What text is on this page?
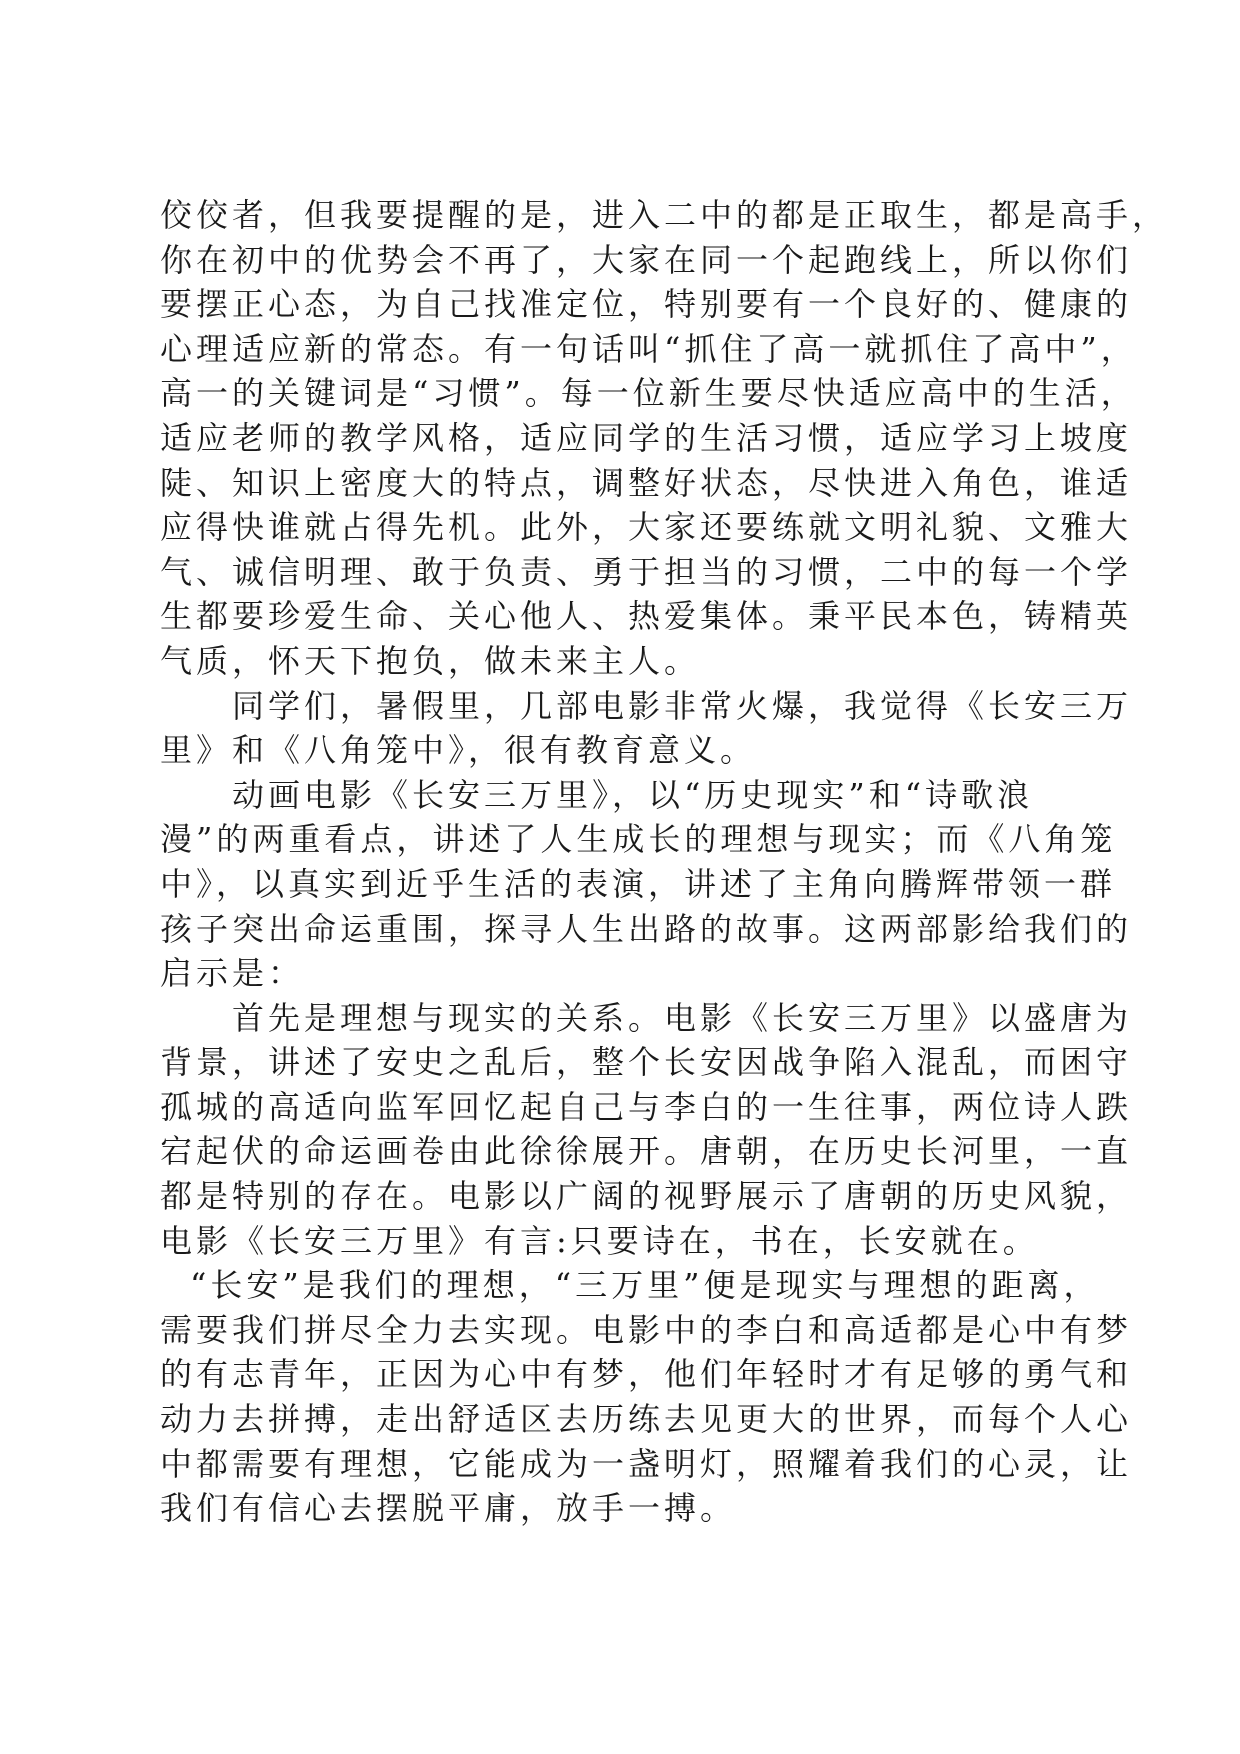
佼佼者，但我要提醒的是，进入二中的都是正取生，都是高手，
你在初中的优势会不再了，大家在同一个起跑线上，所以你们
要摆正心态，为自己找准定位，特别要有一个良好的、健康的
心理适应新的常态。有一句话叫“抓住了高一就抓住了高中”，
高一的关键词是“习惯”。每一位新生要尽快适应高中的生活，
适应老师的教学风格，适应同学的生活习惯，适应学习上坡度
陡、知识上密度大的特点，调整好状态，尽快进入角色，谁适
应得快谁就占得先机。此外，大家还要练就文明礼貌、文雅大
气、诚信明理、敢于负责、勇于担当的习惯，二中的每一个学
生都要珍爱生命、关心他人、热爱集体。秉平民本色，铸精英
气质，怀天下抱负，做未来主人。
同学们，暑假里，几部电影非常火爆，我觉得《长安三万
里》和《八角笼中》，很有教育意义。
动画电影《长安三万里》，以“历史现实”和“诗歌浪
漫”的两重看点，讲述了人生成长的理想与现实；而《八角笼
中》，以真实到近乎生活的表演，讲述了主角向腾辉带领一群
孩子突出命运重围，探寻人生出路的故事。这两部影给我们的
启示是：
首先是理想与现实的关系。电影《长安三万里》以盛唐为
背景，讲述了安史之乱后，整个长安因战争陷入混乱，而困守
孤城的高适向监军回忆起自己与李白的一生往事，两位诗人跌
宕起伏的命运画卷由此徐徐展开。唐朝，在历史长河里，一直
都是特别的存在。电影以广阔的视野展示了唐朝的历史风貌，
电影《长安三万里》有言:只要诗在，书在，长安就在。
“长安”是我们的理想，“三万里”便是现实与理想的距离，
需要我们拼尽全力去实现。电影中的李白和高适都是心中有梦
的有志青年，正因为心中有梦，他们年轻时才有足够的勇气和
动力去拼搏，走出舒适区去历练去见更大的世界，而每个人心
中都需要有理想，它能成为一盏明灯，照耀着我们的心灵，让
我们有信心去摆脱平庸，放手一搏。
